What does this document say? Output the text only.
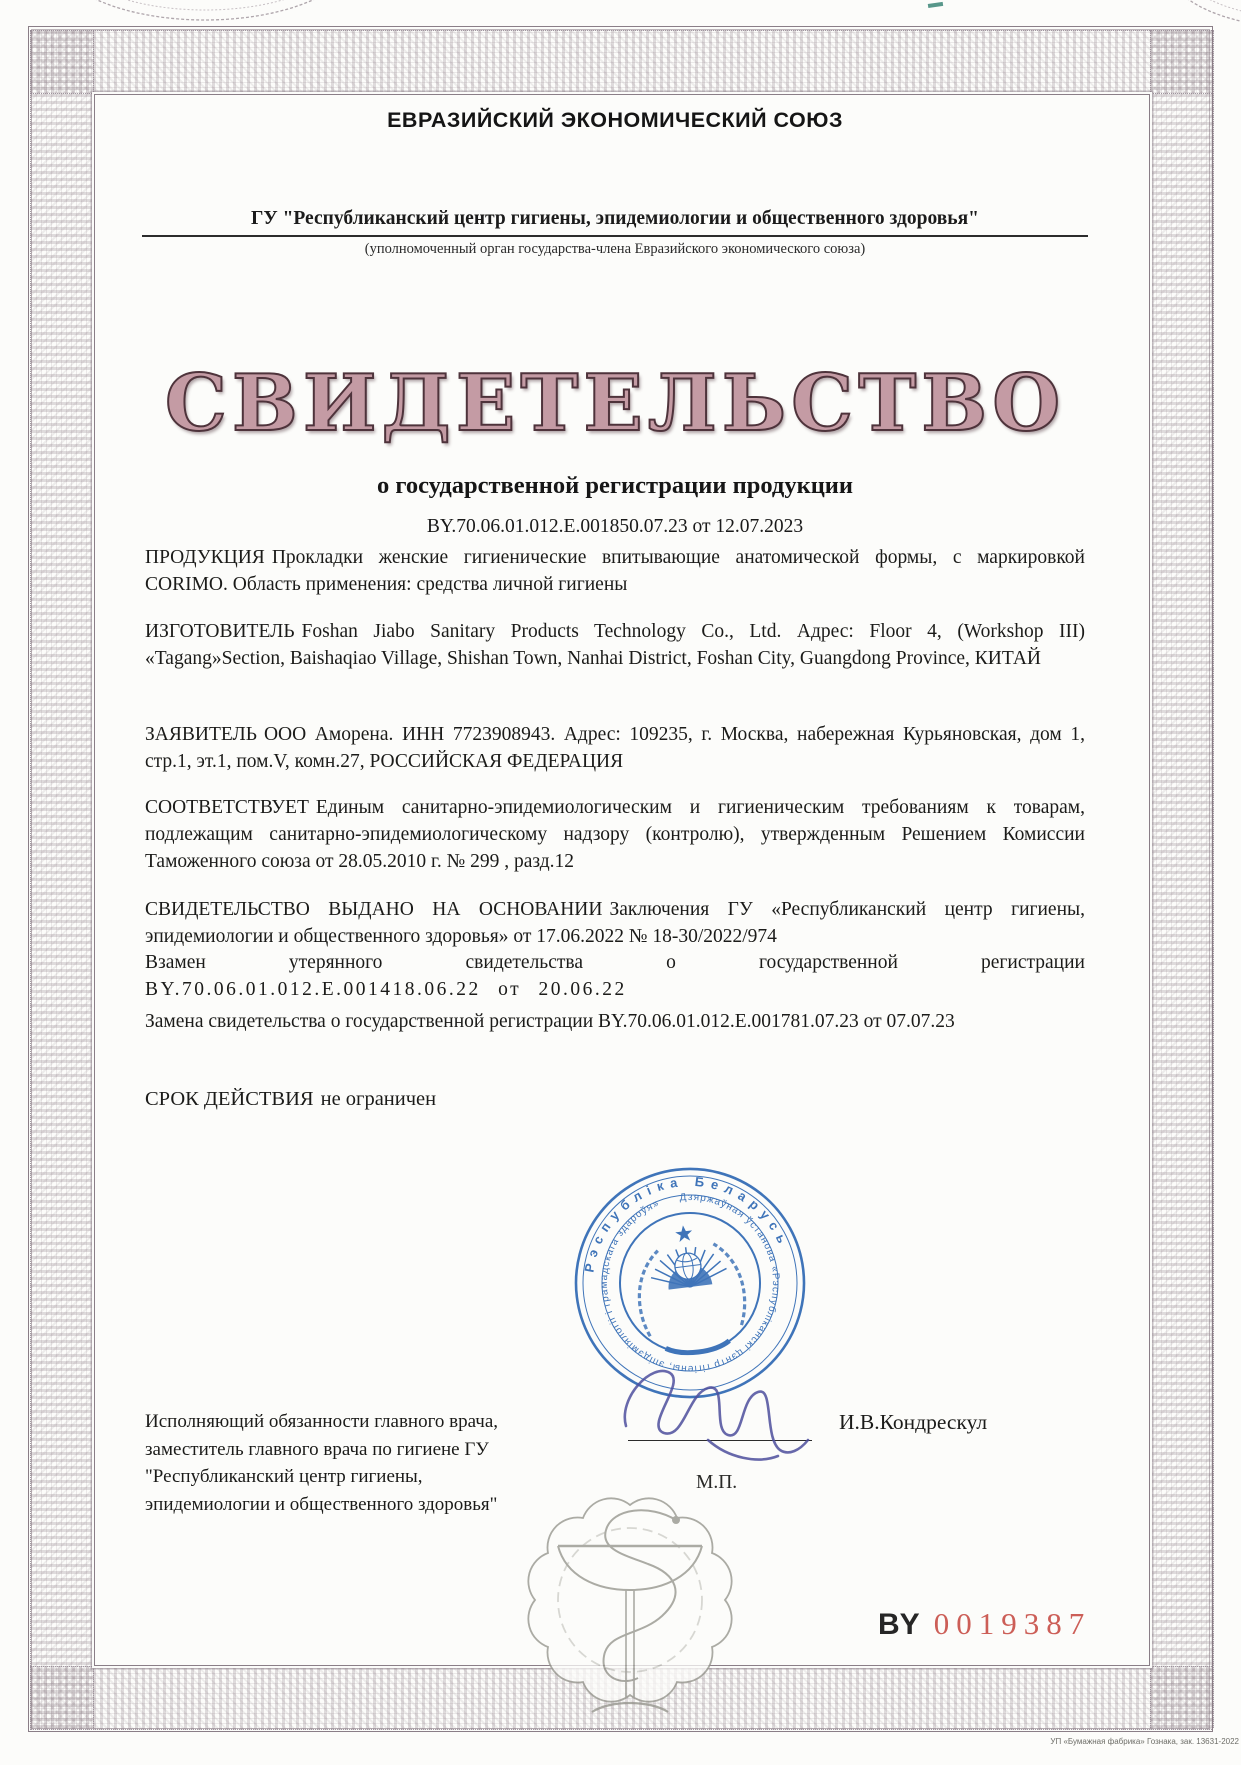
ЕВРАЗИЙСКИЙ ЭКОНОМИЧЕСКИЙ СОЮЗ
ГУ "Республиканский центр гигиены, эпидемиологии и общественного здоровья"
(уполномоченный орган государства-члена Евразийского экономического союза)
СВИДЕТЕЛЬСТВО
о государственной регистрации продукции
BY.70.06.01.012.Е.001850.07.23 от 12.07.2023
ПРОДУКЦИЯ Прокладки женские гигиенические впитывающие анатомической формы, с маркировкой CORIMO. Область применения: средства личной гигиены
ИЗГОТОВИТЕЛЬ Foshan Jiabo Sanitary Products Technology Co., Ltd. Адрес: Floor 4, (Workshop III) «Tagang»Section, Baishaqiao Village, Shishan Town, Nanhai District, Foshan City, Guangdong Province, КИТАЙ
ЗАЯВИТЕЛЬ ООО Аморена. ИНН 7723908943. Адрес: 109235, г. Москва, набережная Курьяновская, дом 1, стр.1, эт.1, пом.V, комн.27, РОССИЙСКАЯ ФЕДЕРАЦИЯ
СООТВЕТСТВУЕТ Единым санитарно-эпидемиологическим и гигиеническим требованиям к товарам, подлежащим санитарно-эпидемиологическому надзору (контролю), утвержденным Решением Комиссии Таможенного союза от 28.05.2010 г. № 299 , разд.12
СВИДЕТЕЛЬСТВО ВЫДАНО НА ОСНОВАНИИ Заключения ГУ «Республиканский центр гигиены, эпидемиологии и общественного здоровья» от 17.06.2022 № 18-30/2022/974
Взамен утерянного свидетельства о государственной регистрации
BY.70.06.01.012.Е.001418.06.22 от 20.06.22
Замена свидетельства о государственной регистрации BY.70.06.01.012.Е.001781.07.23 от 07.07.23
СРОК ДЕЙСТВИЯ не ограничен
Рэспубліка Беларусь
Дзяржаўная ўстанова «Рэспубліканскі цэнтр гігіены, эпідэміялогіі і грамадскага здароўя»
Исполняющий обязанности главного врача,
заместитель главного врача по гигиене ГУ
"Республиканский центр гигиены,
эпидемиологии и общественного здоровья"
И.В.Кондрескул
М.П.
BY 0019387
УП «Бумажная фабрика» Гознака, зак. 13631-2022
